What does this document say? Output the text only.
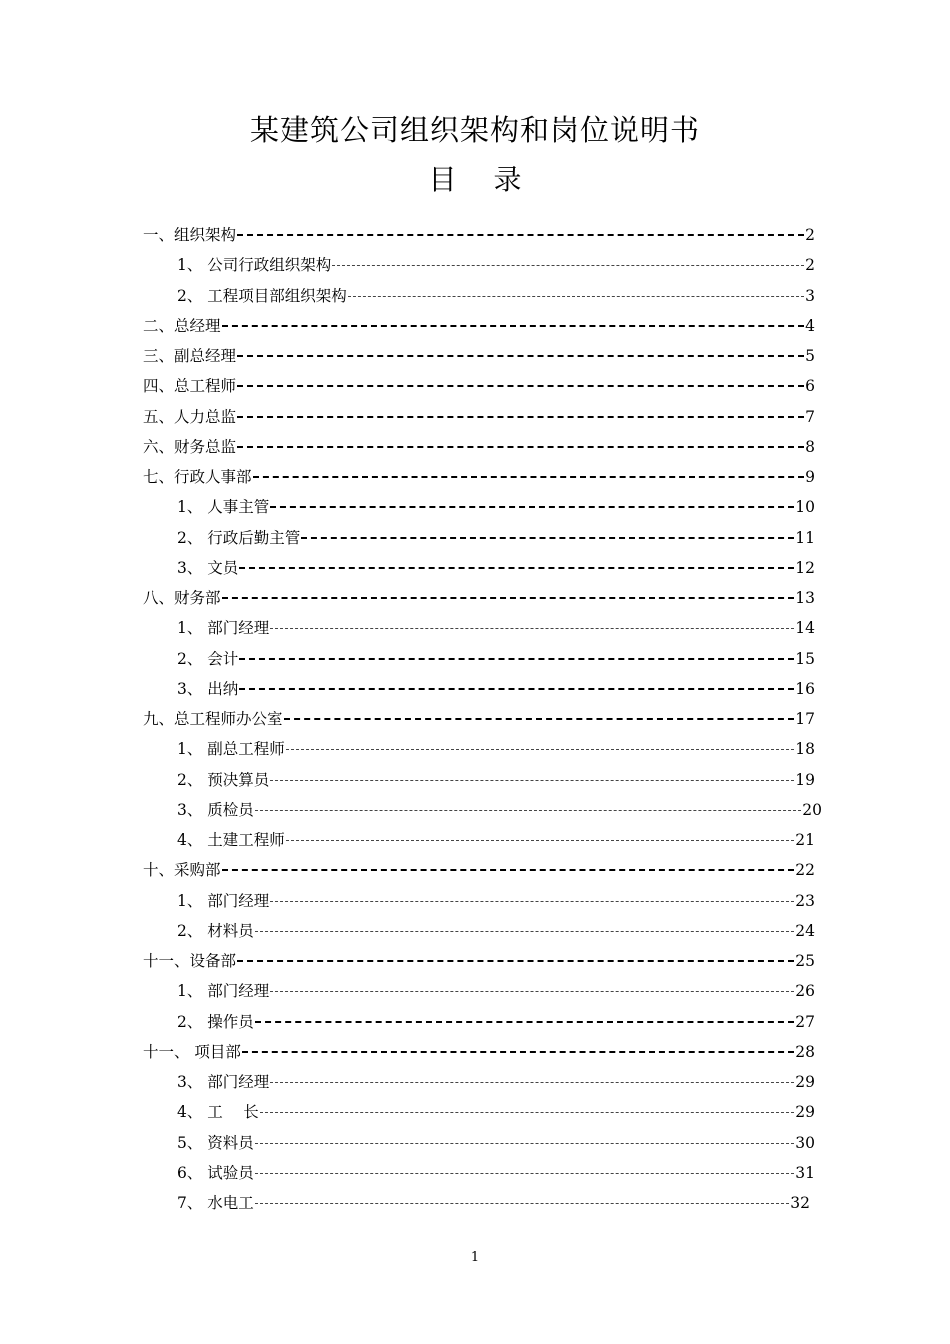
某建筑公司组织架构和岗位说明书
目 录
一、组织架构	2
1、 公司行政组织架构	2
2、 工程项目部组织架构	3
二、总经理	4
三、副总经理	5
四、总工程师	6
五、人力总监	7
六、财务总监	8
七、行政人事部	9
1、 人事主管	10
2、 行政后勤主管	11
3、 文员	12
八、财务部	13
1、 部门经理	14
2、 会计	15
3、 出纳	16
九、总工程师办公室	17
1、 副总工程师	18
2、 预决算员	19
3、 质检员	20
4、 土建工程师	21
十、采购部	22
1、 部门经理	23
2、 材料员	24
十一、设备部	25
1、 部门经理	26
2、 操作员	27
十一、 项目部	28
3、 部门经理	29
4、 工　 长	29
5、 资料员	30
6、 试验员	31
7、 水电工	32
1
